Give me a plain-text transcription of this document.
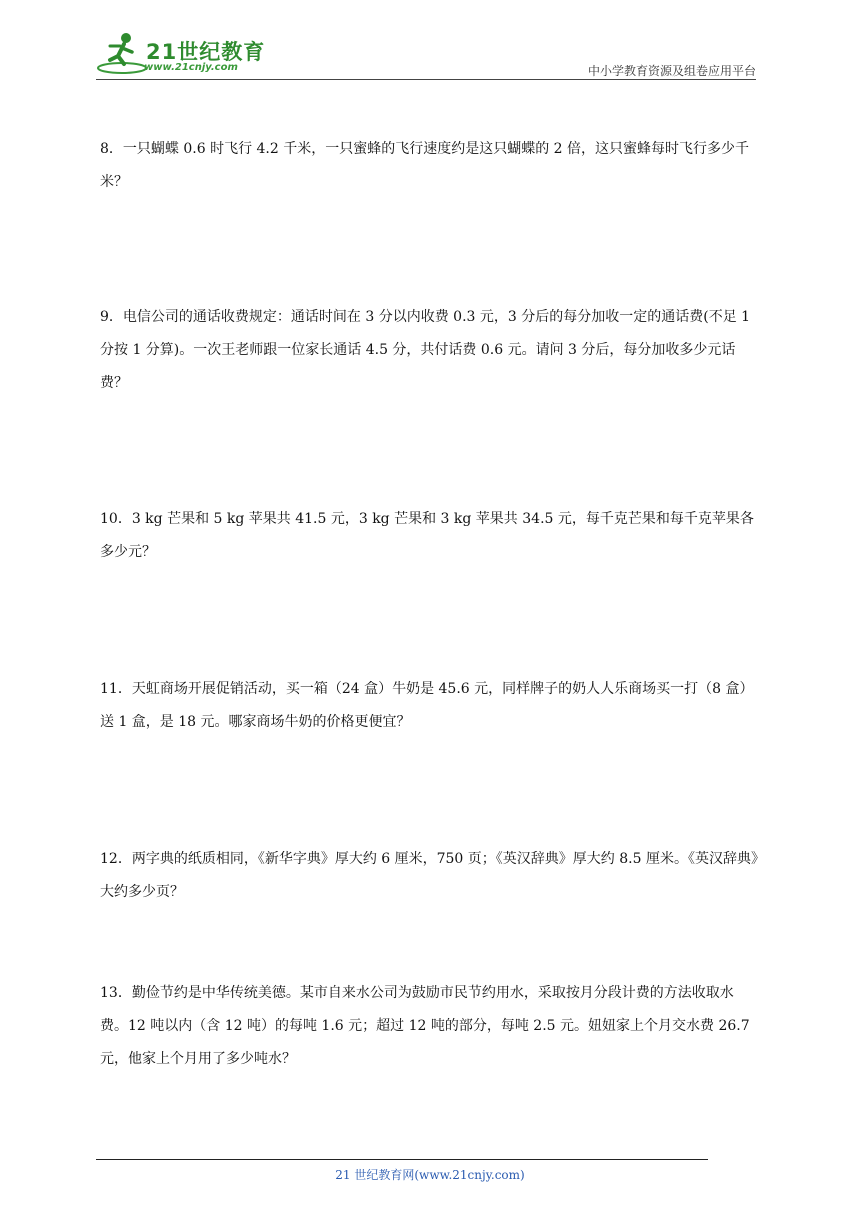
21世纪教育
www.21cnjy.com	中小学教育资源及组卷应用平台
8．一只蝴蝶 0.6 时飞行 4.2 千米，一只蜜蜂的飞行速度约是这只蝴蝶的 2 倍，这只蜜蜂每时飞行多少千米？
9．电信公司的通话收费规定：通话时间在 3 分以内收费 0.3 元，3 分后的每分加收一定的通话费(不足 1 分按 1 分算)。一次王老师跟一位家长通话 4.5 分，共付话费 0.6 元。请问 3 分后，每分加收多少元话费？
10．3 kg 芒果和 5 kg 苹果共 41.5 元，3 kg 芒果和 3 kg 苹果共 34.5 元，每千克芒果和每千克苹果各多少元？
11．天虹商场开展促销活动，买一箱（24 盒）牛奶是 45.6 元，同样牌子的奶人人乐商场买一打（8 盒）送 1 盒，是 18 元。哪家商场牛奶的价格更便宜？
12．两字典的纸质相同，《新华字典》厚大约 6 厘米，750 页；《英汉辞典》厚大约 8.5 厘米。《英汉辞典》大约多少页？
13．勤俭节约是中华传统美德。某市自来水公司为鼓励市民节约用水，采取按月分段计费的方法收取水费。12 吨以内（含 12 吨）的每吨 1.6 元；超过 12 吨的部分，每吨 2.5 元。妞妞家上个月交水费 26.7 元，他家上个月用了多少吨水？
21 世纪教育网(www.21cnjy.com)
